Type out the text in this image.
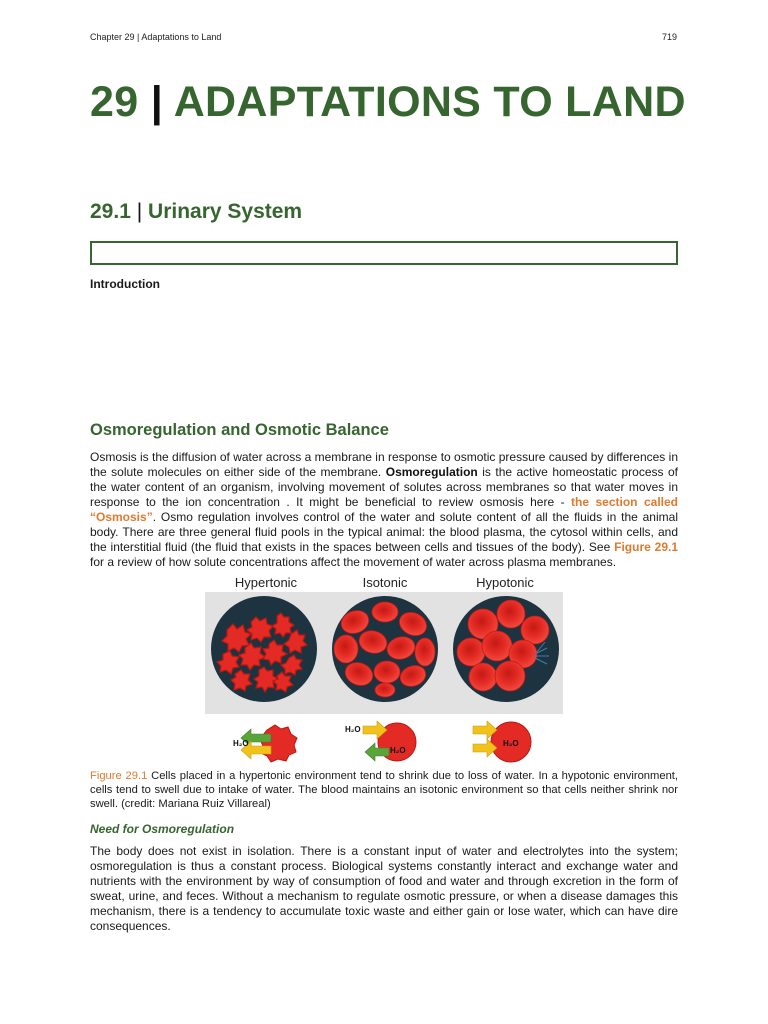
Chapter 29 | Adaptations to Land	719
29 | ADAPTATIONS TO LAND
29.1 | Urinary System
Introduction
Osmoregulation and Osmotic Balance

Osmosis is the diffusion of water across a membrane in response to osmotic pressure caused by differences in the solute molecules on either side of the membrane. Osmoregulation is the active homeostatic process of the water content of an organism, involving movement of solutes across membranes so that water moves in response to the ion concentration . It might be beneficial to review osmosis here - the section called “Osmosis”. Osmo regulation involves control of the water and solute content of all the fluids in the animal body. There are three general fluid pools in the typical animal: the blood plasma, the cytosol within cells, and the interstitial fluid (the fluid that exists in the spaces between cells and tissues of the body). See Figure 29.1 for a review of how solute concentrations affect the movement of water across plasma membranes.

Hypertonic	Isotonic	Hypotonic
H₂O
H₂O
H₂O
H₂O

Figure 29.1 Cells placed in a hypertonic environment tend to shrink due to loss of water. In a hypotonic environment, cells tend to swell due to intake of water. The blood maintains an isotonic environment so that cells neither shrink nor swell. (credit: Mariana Ruiz Villareal)

Need for Osmoregulation

The body does not exist in isolation. There is a constant input of water and electrolytes into the system; osmoregulation is thus a constant process. Biological systems constantly interact and exchange water and nutrients with the environment by way of consumption of food and water and through excretion in the form of sweat, urine, and feces. Without a mechanism to regulate osmotic pressure, or when a disease damages this mechanism, there is a tendency to accumulate toxic waste and either gain or lose water, which can have dire consequences.
